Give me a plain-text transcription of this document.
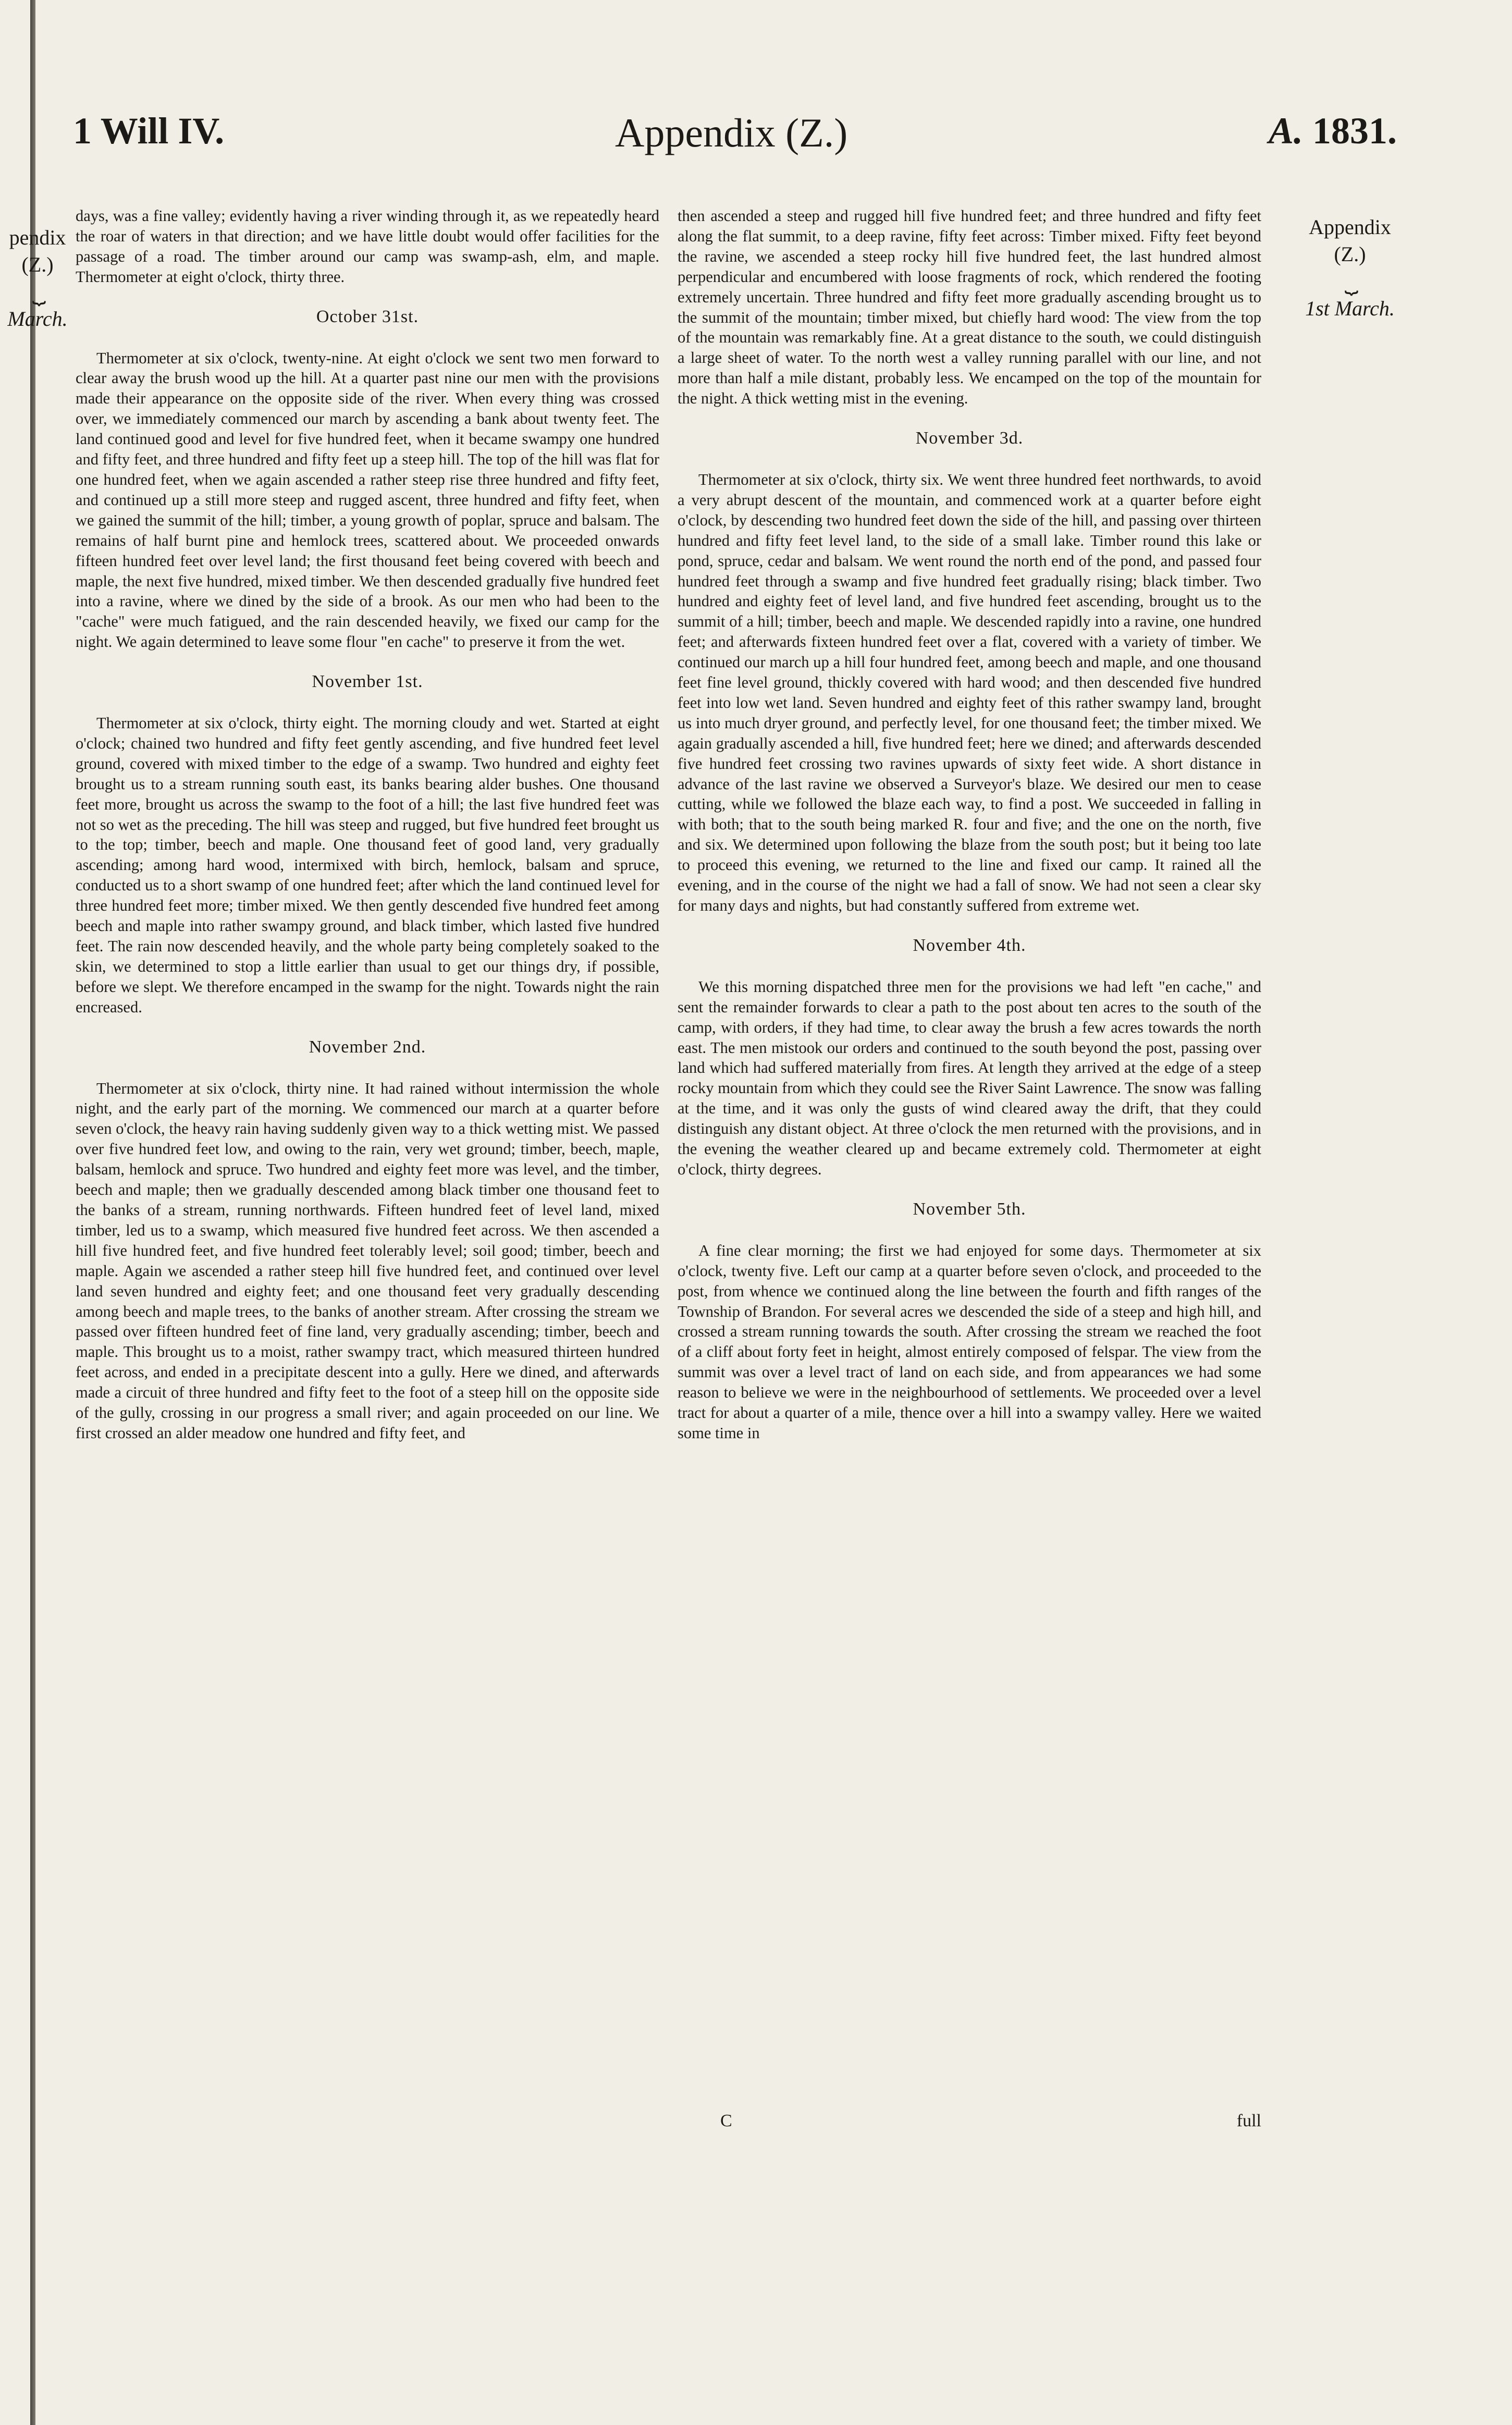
1 Will IV.	Appendix (Z.)	A. 1831.
pendix
(Z.)
⏟
March.
Appendix
(Z.)
⏟
1st March.

days, was a fine valley; evidently having a river winding through it, as we repeatedly heard the roar of waters in that direction; and we have little doubt would offer facilities for the passage of a road. The timber around our camp was swamp-ash, elm, and maple. Thermometer at eight o'clock, thirty three.

October 31st.

Thermometer at six o'clock, twenty-nine. At eight o'clock we sent two men forward to clear away the brush wood up the hill. At a quarter past nine our men with the provisions made their appearance on the opposite side of the river. When every thing was crossed over, we immediately commenced our march by ascending a bank about twenty feet. The land continued good and level for five hundred feet, when it became swampy one hundred and fifty feet, and three hundred and fifty feet up a steep hill. The top of the hill was flat for one hundred feet, when we again ascended a rather steep rise three hundred and fifty feet, and continued up a still more steep and rugged ascent, three hundred and fifty feet, when we gained the summit of the hill; timber, a young growth of poplar, spruce and balsam. The remains of half burnt pine and hemlock trees, scattered about. We proceeded onwards fifteen hundred feet over level land; the first thousand feet being covered with beech and maple, the next five hundred, mixed timber. We then descended gradually five hundred feet into a ravine, where we dined by the side of a brook. As our men who had been to the "cache" were much fatigued, and the rain descended heavily, we fixed our camp for the night. We again determined to leave some flour "en cache" to preserve it from the wet.

November 1st.

Thermometer at six o'clock, thirty eight. The morning cloudy and wet. Started at eight o'clock; chained two hundred and fifty feet gently ascending, and five hundred feet level ground, covered with mixed timber to the edge of a swamp. Two hundred and eighty feet brought us to a stream running south east, its banks bearing alder bushes. One thousand feet more, brought us across the swamp to the foot of a hill; the last five hundred feet was not so wet as the preceding. The hill was steep and rugged, but five hundred feet brought us to the top; timber, beech and maple. One thousand feet of good land, very gradually ascending; among hard wood, intermixed with birch, hemlock, balsam and spruce, conducted us to a short swamp of one hundred feet; after which the land continued level for three hundred feet more; timber mixed. We then gently descended five hundred feet among beech and maple into rather swampy ground, and black timber, which lasted five hundred feet. The rain now descended heavily, and the whole party being completely soaked to the skin, we determined to stop a little earlier than usual to get our things dry, if possible, before we slept. We therefore encamped in the swamp for the night. Towards night the rain encreased.

November 2nd.

Thermometer at six o'clock, thirty nine. It had rained without intermission the whole night, and the early part of the morning. We commenced our march at a quarter before seven o'clock, the heavy rain having suddenly given way to a thick wetting mist. We passed over five hundred feet low, and owing to the rain, very wet ground; timber, beech, maple, balsam, hemlock and spruce. Two hundred and eighty feet more was level, and the timber, beech and maple; then we gradually descended among black timber one thousand feet to the banks of a stream, running northwards. Fifteen hundred feet of level land, mixed timber, led us to a swamp, which measured five hundred feet across. We then ascended a hill five hundred feet, and five hundred feet tolerably level; soil good; timber, beech and maple. Again we ascended a rather steep hill five hundred feet, and continued over level land seven hundred and eighty feet; and one thousand feet very gradually descending among beech and maple trees, to the banks of another stream. After crossing the stream we passed over fifteen hundred feet of fine land, very gradually ascending; timber, beech and maple. This brought us to a moist, rather swampy tract, which measured thirteen hundred feet across, and ended in a precipitate descent into a gully. Here we dined, and afterwards made a circuit of three hundred and fifty feet to the foot of a steep hill on the opposite side of the gully, crossing in our progress a small river; and again proceeded on our line. We first crossed an alder meadow one hundred and fifty feet, and

then ascended a steep and rugged hill five hundred feet; and three hundred and fifty feet along the flat summit, to a deep ravine, fifty feet across: Timber mixed. Fifty feet beyond the ravine, we ascended a steep rocky hill five hundred feet, the last hundred almost perpendicular and encumbered with loose fragments of rock, which rendered the footing extremely uncertain. Three hundred and fifty feet more gradually ascending brought us to the summit of the mountain; timber mixed, but chiefly hard wood: The view from the top of the mountain was remarkably fine. At a great distance to the south, we could distinguish a large sheet of water. To the north west a valley running parallel with our line, and not more than half a mile distant, probably less. We encamped on the top of the mountain for the night. A thick wetting mist in the evening.

November 3d.

Thermometer at six o'clock, thirty six. We went three hundred feet northwards, to avoid a very abrupt descent of the mountain, and commenced work at a quarter before eight o'clock, by descending two hundred feet down the side of the hill, and passing over thirteen hundred and fifty feet level land, to the side of a small lake. Timber round this lake or pond, spruce, cedar and balsam. We went round the north end of the pond, and passed four hundred feet through a swamp and five hundred feet gradually rising; black timber. Two hundred and eighty feet of level land, and five hundred feet ascending, brought us to the summit of a hill; timber, beech and maple. We descended rapidly into a ravine, one hundred feet; and afterwards fixteen hundred feet over a flat, covered with a variety of timber. We continued our march up a hill four hundred feet, among beech and maple, and one thousand feet fine level ground, thickly covered with hard wood; and then descended five hundred feet into low wet land. Seven hundred and eighty feet of this rather swampy land, brought us into much dryer ground, and perfectly level, for one thousand feet; the timber mixed. We again gradually ascended a hill, five hundred feet; here we dined; and afterwards descended five hundred feet crossing two ravines upwards of sixty feet wide. A short distance in advance of the last ravine we observed a Surveyor's blaze. We desired our men to cease cutting, while we followed the blaze each way, to find a post. We succeeded in falling in with both; that to the south being marked R. four and five; and the one on the north, five and six. We determined upon following the blaze from the south post; but it being too late to proceed this evening, we returned to the line and fixed our camp. It rained all the evening, and in the course of the night we had a fall of snow. We had not seen a clear sky for many days and nights, but had constantly suffered from extreme wet.

November 4th.

We this morning dispatched three men for the provisions we had left "en cache," and sent the remainder forwards to clear a path to the post about ten acres to the south of the camp, with orders, if they had time, to clear away the brush a few acres towards the north east. The men mistook our orders and continued to the south beyond the post, passing over land which had suffered materially from fires. At length they arrived at the edge of a steep rocky mountain from which they could see the River Saint Lawrence. The snow was falling at the time, and it was only the gusts of wind cleared away the drift, that they could distinguish any distant object. At three o'clock the men returned with the provisions, and in the evening the weather cleared up and became extremely cold. Thermometer at eight o'clock, thirty degrees.

November 5th.

A fine clear morning; the first we had enjoyed for some days. Thermometer at six o'clock, twenty five. Left our camp at a quarter before seven o'clock, and proceeded to the post, from whence we continued along the line between the fourth and fifth ranges of the Township of Brandon. For several acres we descended the side of a steep and high hill, and crossed a stream running towards the south. After crossing the stream we reached the foot of a cliff about forty feet in height, almost entirely composed of felspar. The view from the summit was over a level tract of land on each side, and from appearances we had some reason to believe we were in the neighbourhood of settlements. We proceeded over a level tract for about a quarter of a mile, thence over a hill into a swampy valley. Here we waited some time in

C	full
